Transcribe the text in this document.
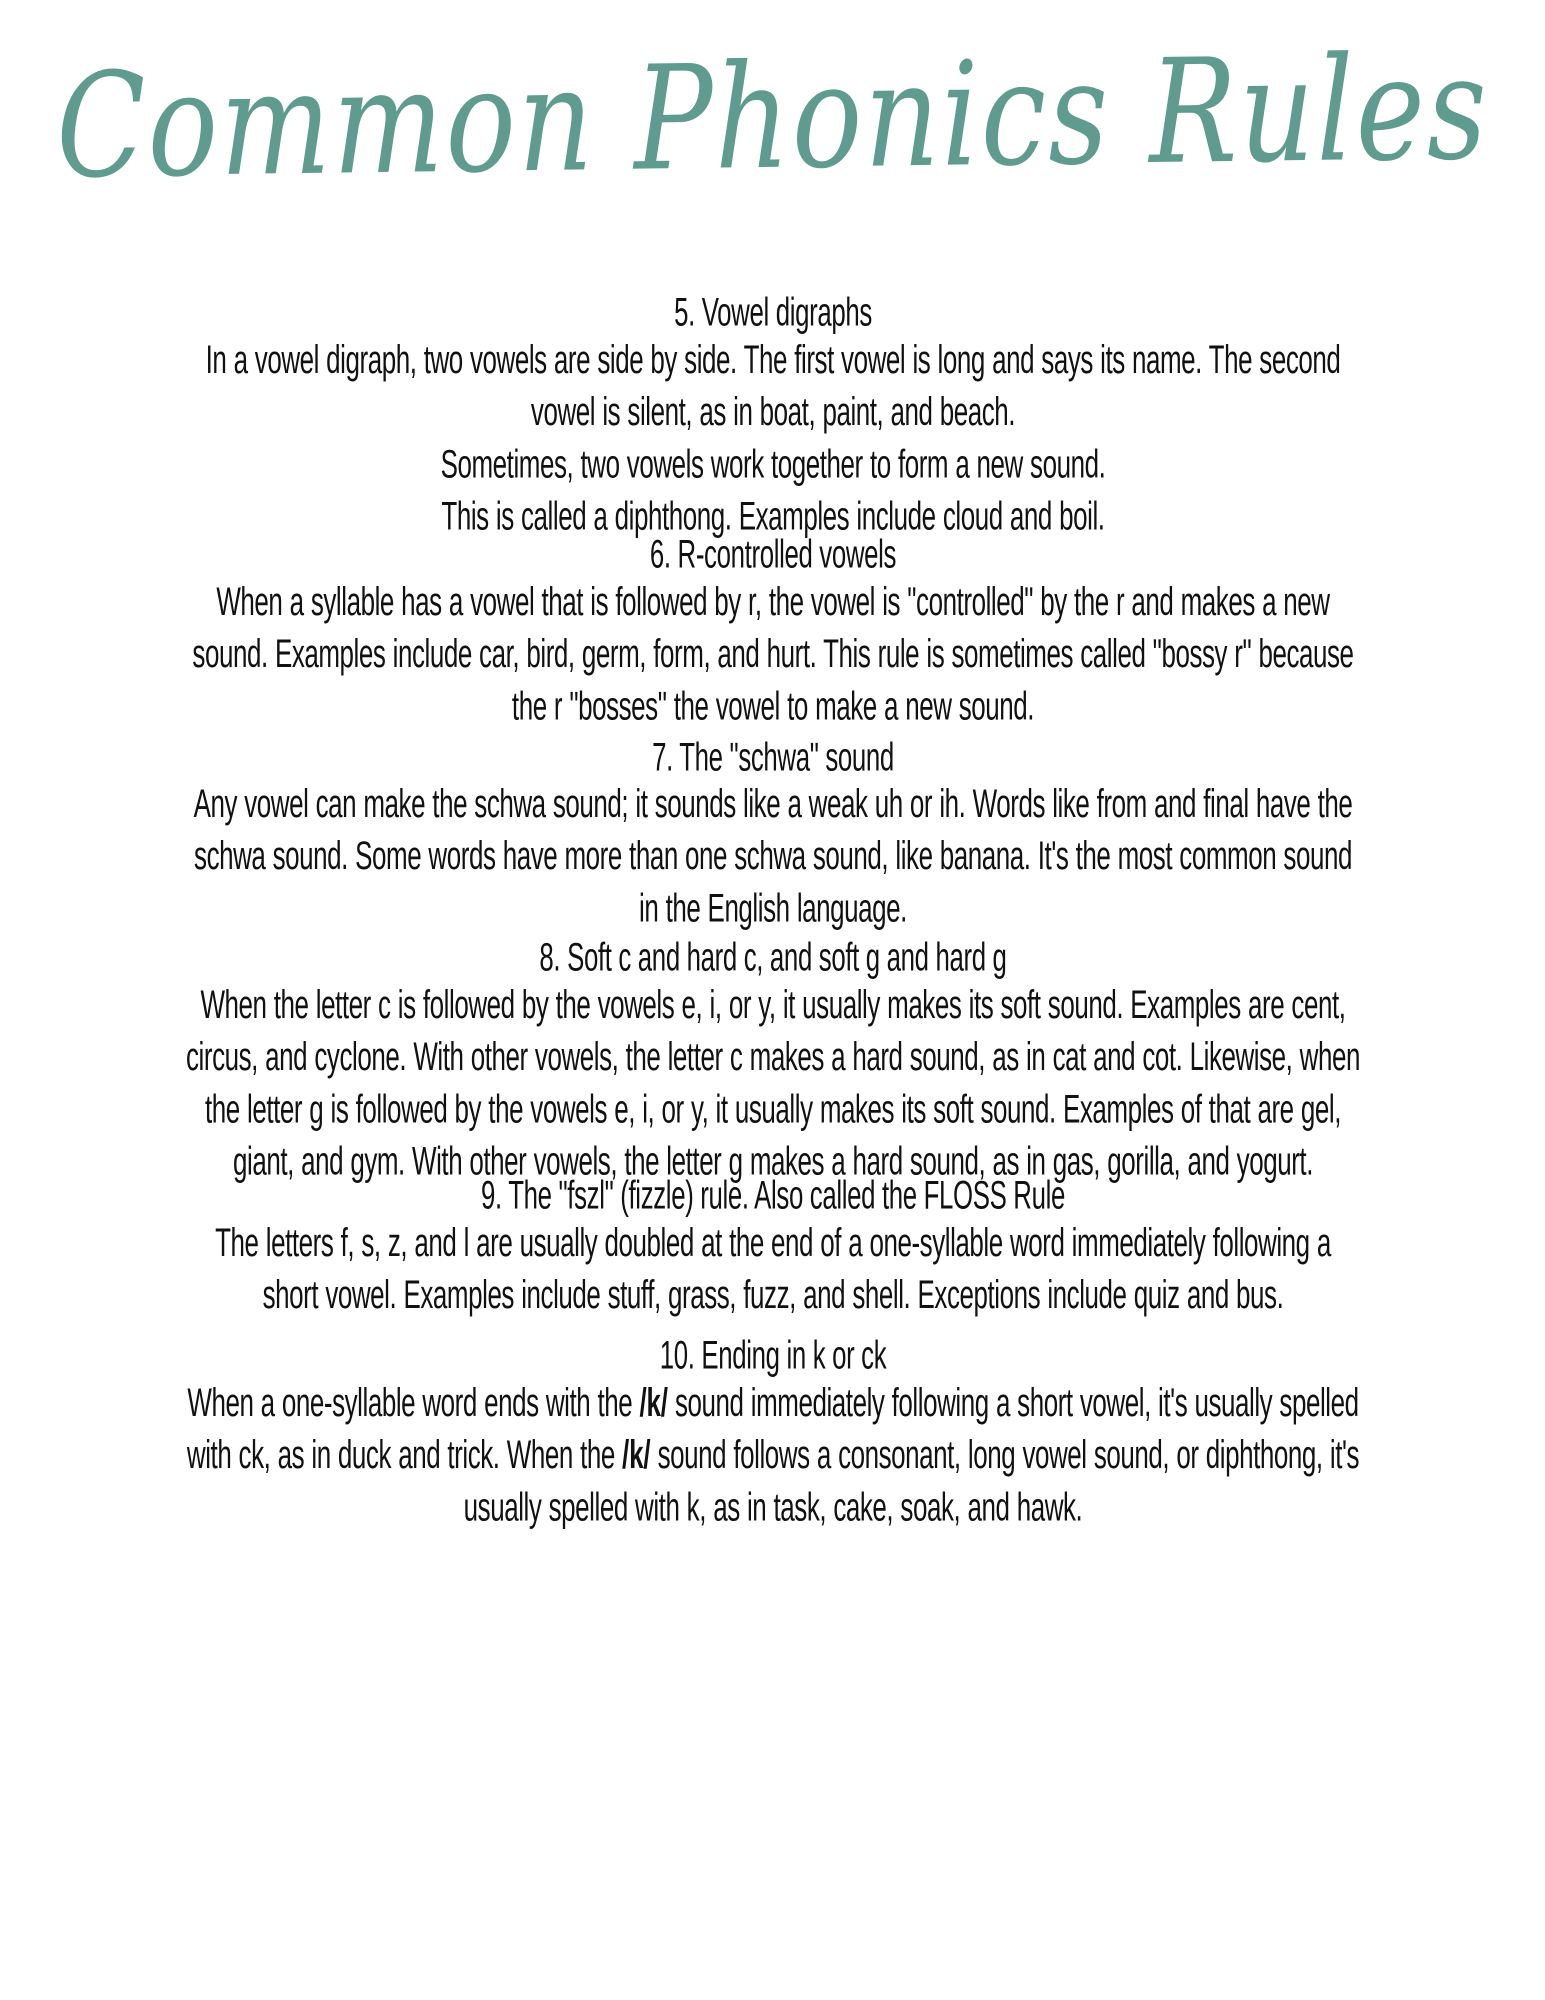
Common Phonics Rules
5. Vowel digraphs
In a vowel digraph, two vowels are side by side. The first vowel is long and says its name. The second vowel is silent, as in boat, paint, and beach.
Sometimes, two vowels work together to form a new sound.
This is called a diphthong. Examples include cloud and boil.
6. R-controlled vowels
When a syllable has a vowel that is followed by r, the vowel is "controlled" by the r and makes a new sound. Examples include car, bird, germ, form, and hurt. This rule is sometimes called "bossy r" because the r "bosses" the vowel to make a new sound.
7. The "schwa" sound
Any vowel can make the schwa sound; it sounds like a weak uh or ih. Words like from and final have the schwa sound. Some words have more than one schwa sound, like banana. It's the most common sound in the English language.
8. Soft c and hard c, and soft g and hard g
When the letter c is followed by the vowels e, i, or y, it usually makes its soft sound. Examples are cent, circus, and cyclone. With other vowels, the letter c makes a hard sound, as in cat and cot. Likewise, when the letter g is followed by the vowels e, i, or y, it usually makes its soft sound. Examples of that are gel, giant, and gym. With other vowels, the letter g makes a hard sound, as in gas, gorilla, and yogurt.
9. The "fszl" (fizzle) rule. Also called the FLOSS Rule
The letters f, s, z, and l are usually doubled at the end of a one-syllable word immediately following a short vowel. Examples include stuff, grass, fuzz, and shell. Exceptions include quiz and bus.
10. Ending in k or ck
When a one-syllable word ends with the /k/ sound immediately following a short vowel, it's usually spelled with ck, as in duck and trick. When the /k/ sound follows a consonant, long vowel sound, or diphthong, it's usually spelled with k, as in task, cake, soak, and hawk.
